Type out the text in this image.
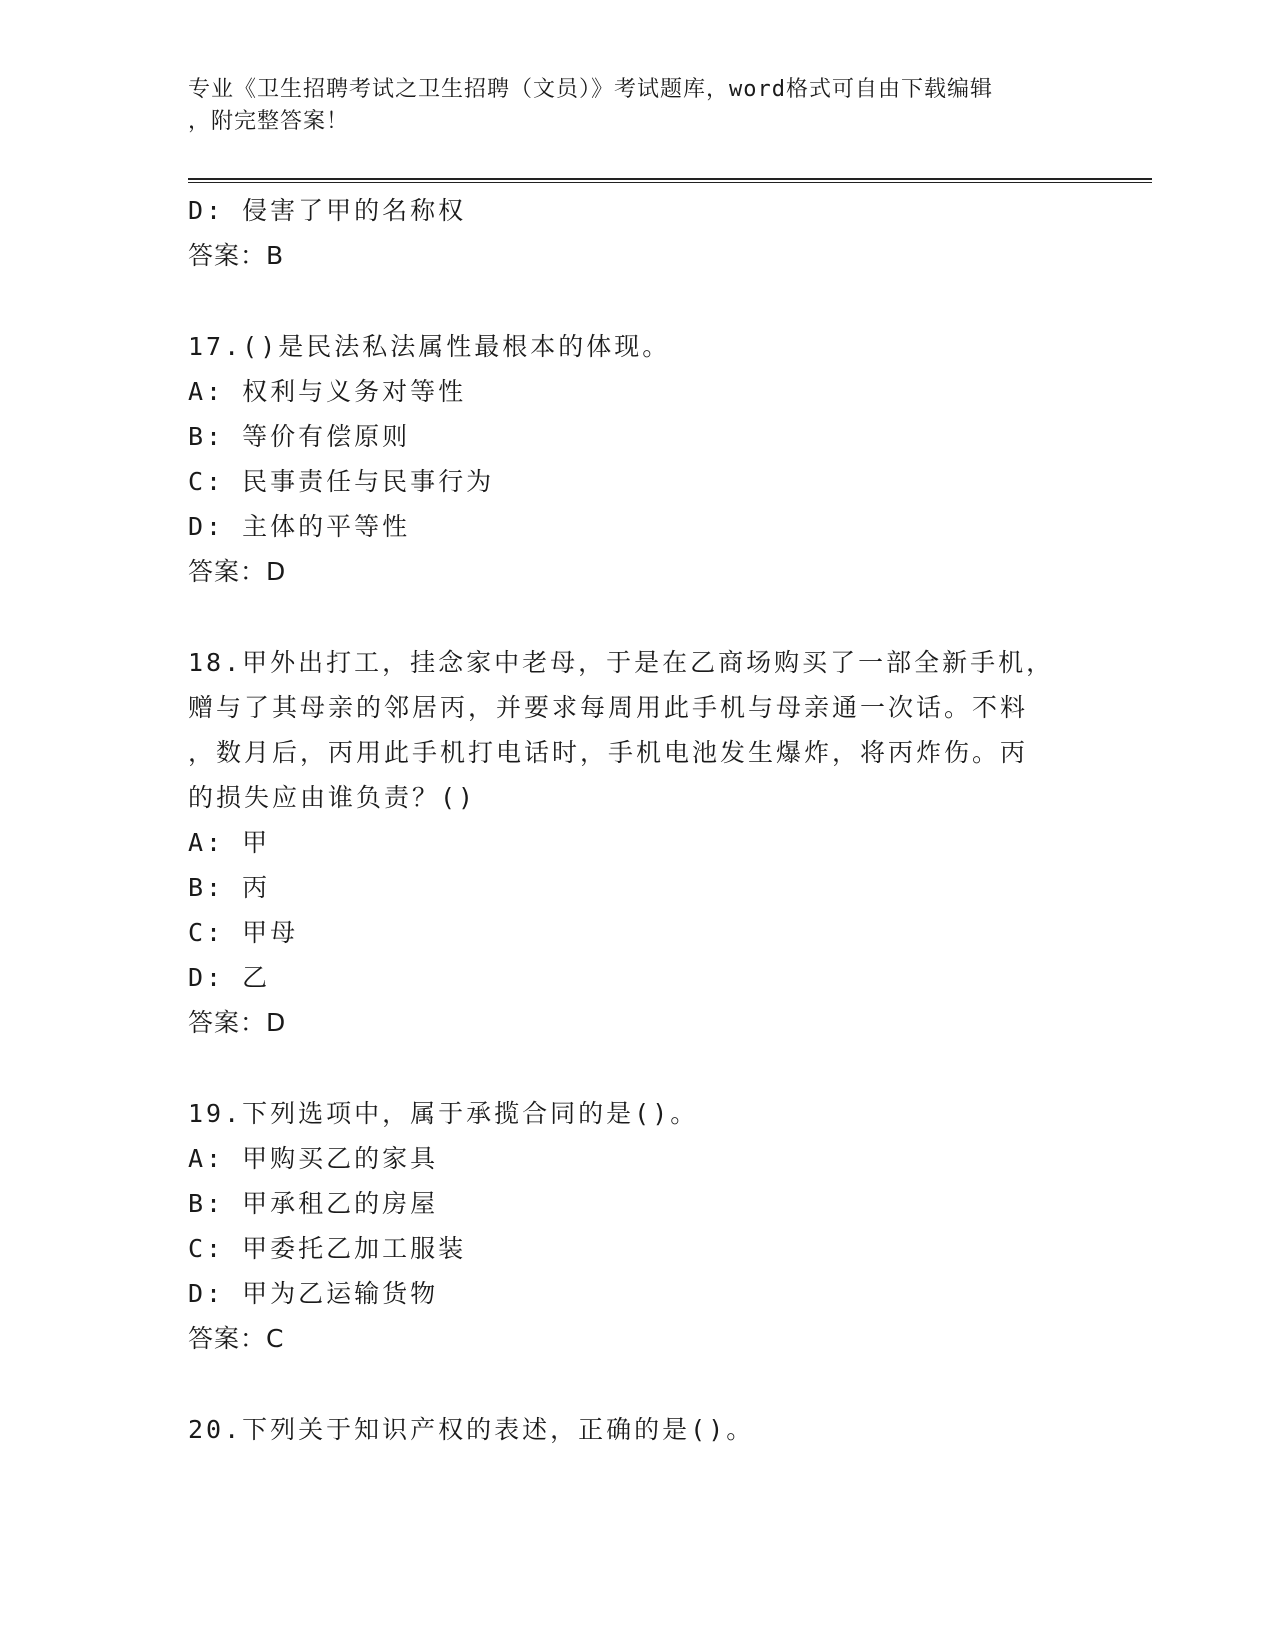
专业《卫生招聘考试之卫生招聘（文员）》考试题库，word格式可自由下载编辑
，附完整答案！
D: 侵害了甲的名称权
答案：B
17.()是民法私法属性最根本的体现。
A: 权利与义务对等性
B: 等价有偿原则
C: 民事责任与民事行为
D: 主体的平等性
答案：D
18.甲外出打工，挂念家中老母，于是在乙商场购买了一部全新手机，
赠与了其母亲的邻居丙，并要求每周用此手机与母亲通一次话。不料
，数月后，丙用此手机打电话时，手机电池发生爆炸，将丙炸伤。丙
的损失应由谁负责？()
A: 甲
B: 丙
C: 甲母
D: 乙
答案：D
19.下列选项中，属于承揽合同的是()。
A: 甲购买乙的家具
B: 甲承租乙的房屋
C: 甲委托乙加工服装
D: 甲为乙运输货物
答案：C
20.下列关于知识产权的表述，正确的是()。
